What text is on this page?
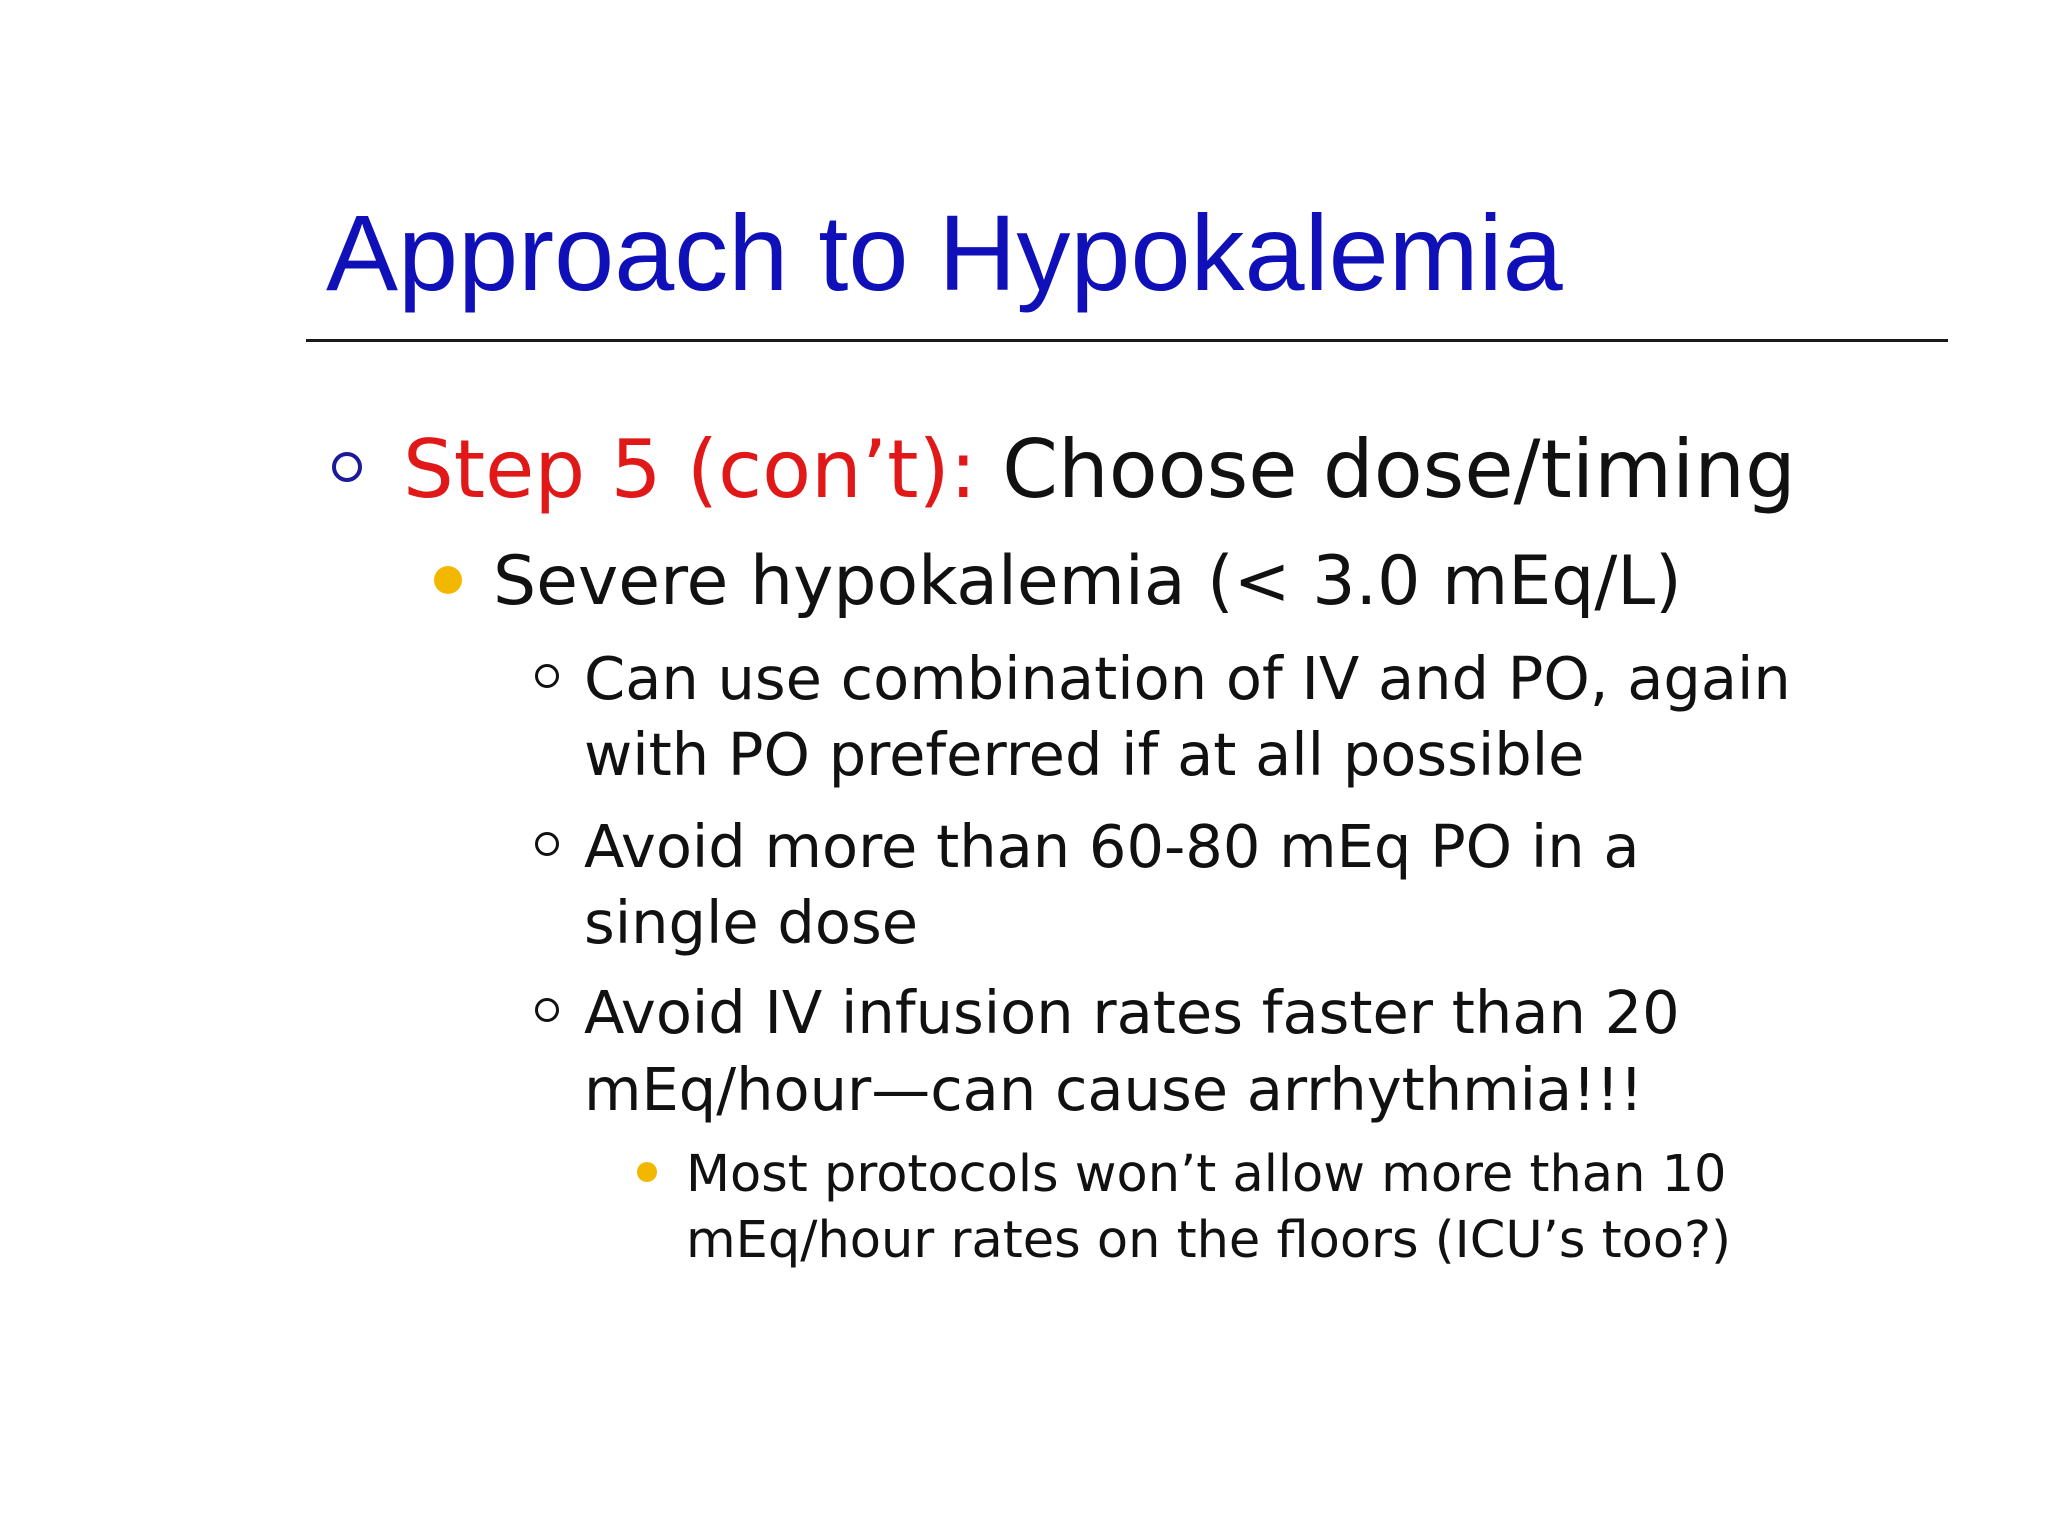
Approach to Hypokalemia
Step 5 (con’t): Choose dose/timing
Severe hypokalemia (< 3.0 mEq/L)
Can use combination of IV and PO, again
with PO preferred if at all possible
Avoid more than 60-80 mEq PO in a
single dose
Avoid IV infusion rates faster than 20
mEq/hour—can cause arrhythmia!!!
Most protocols won’t allow more than 10
mEq/hour rates on the floors (ICU’s too?)
